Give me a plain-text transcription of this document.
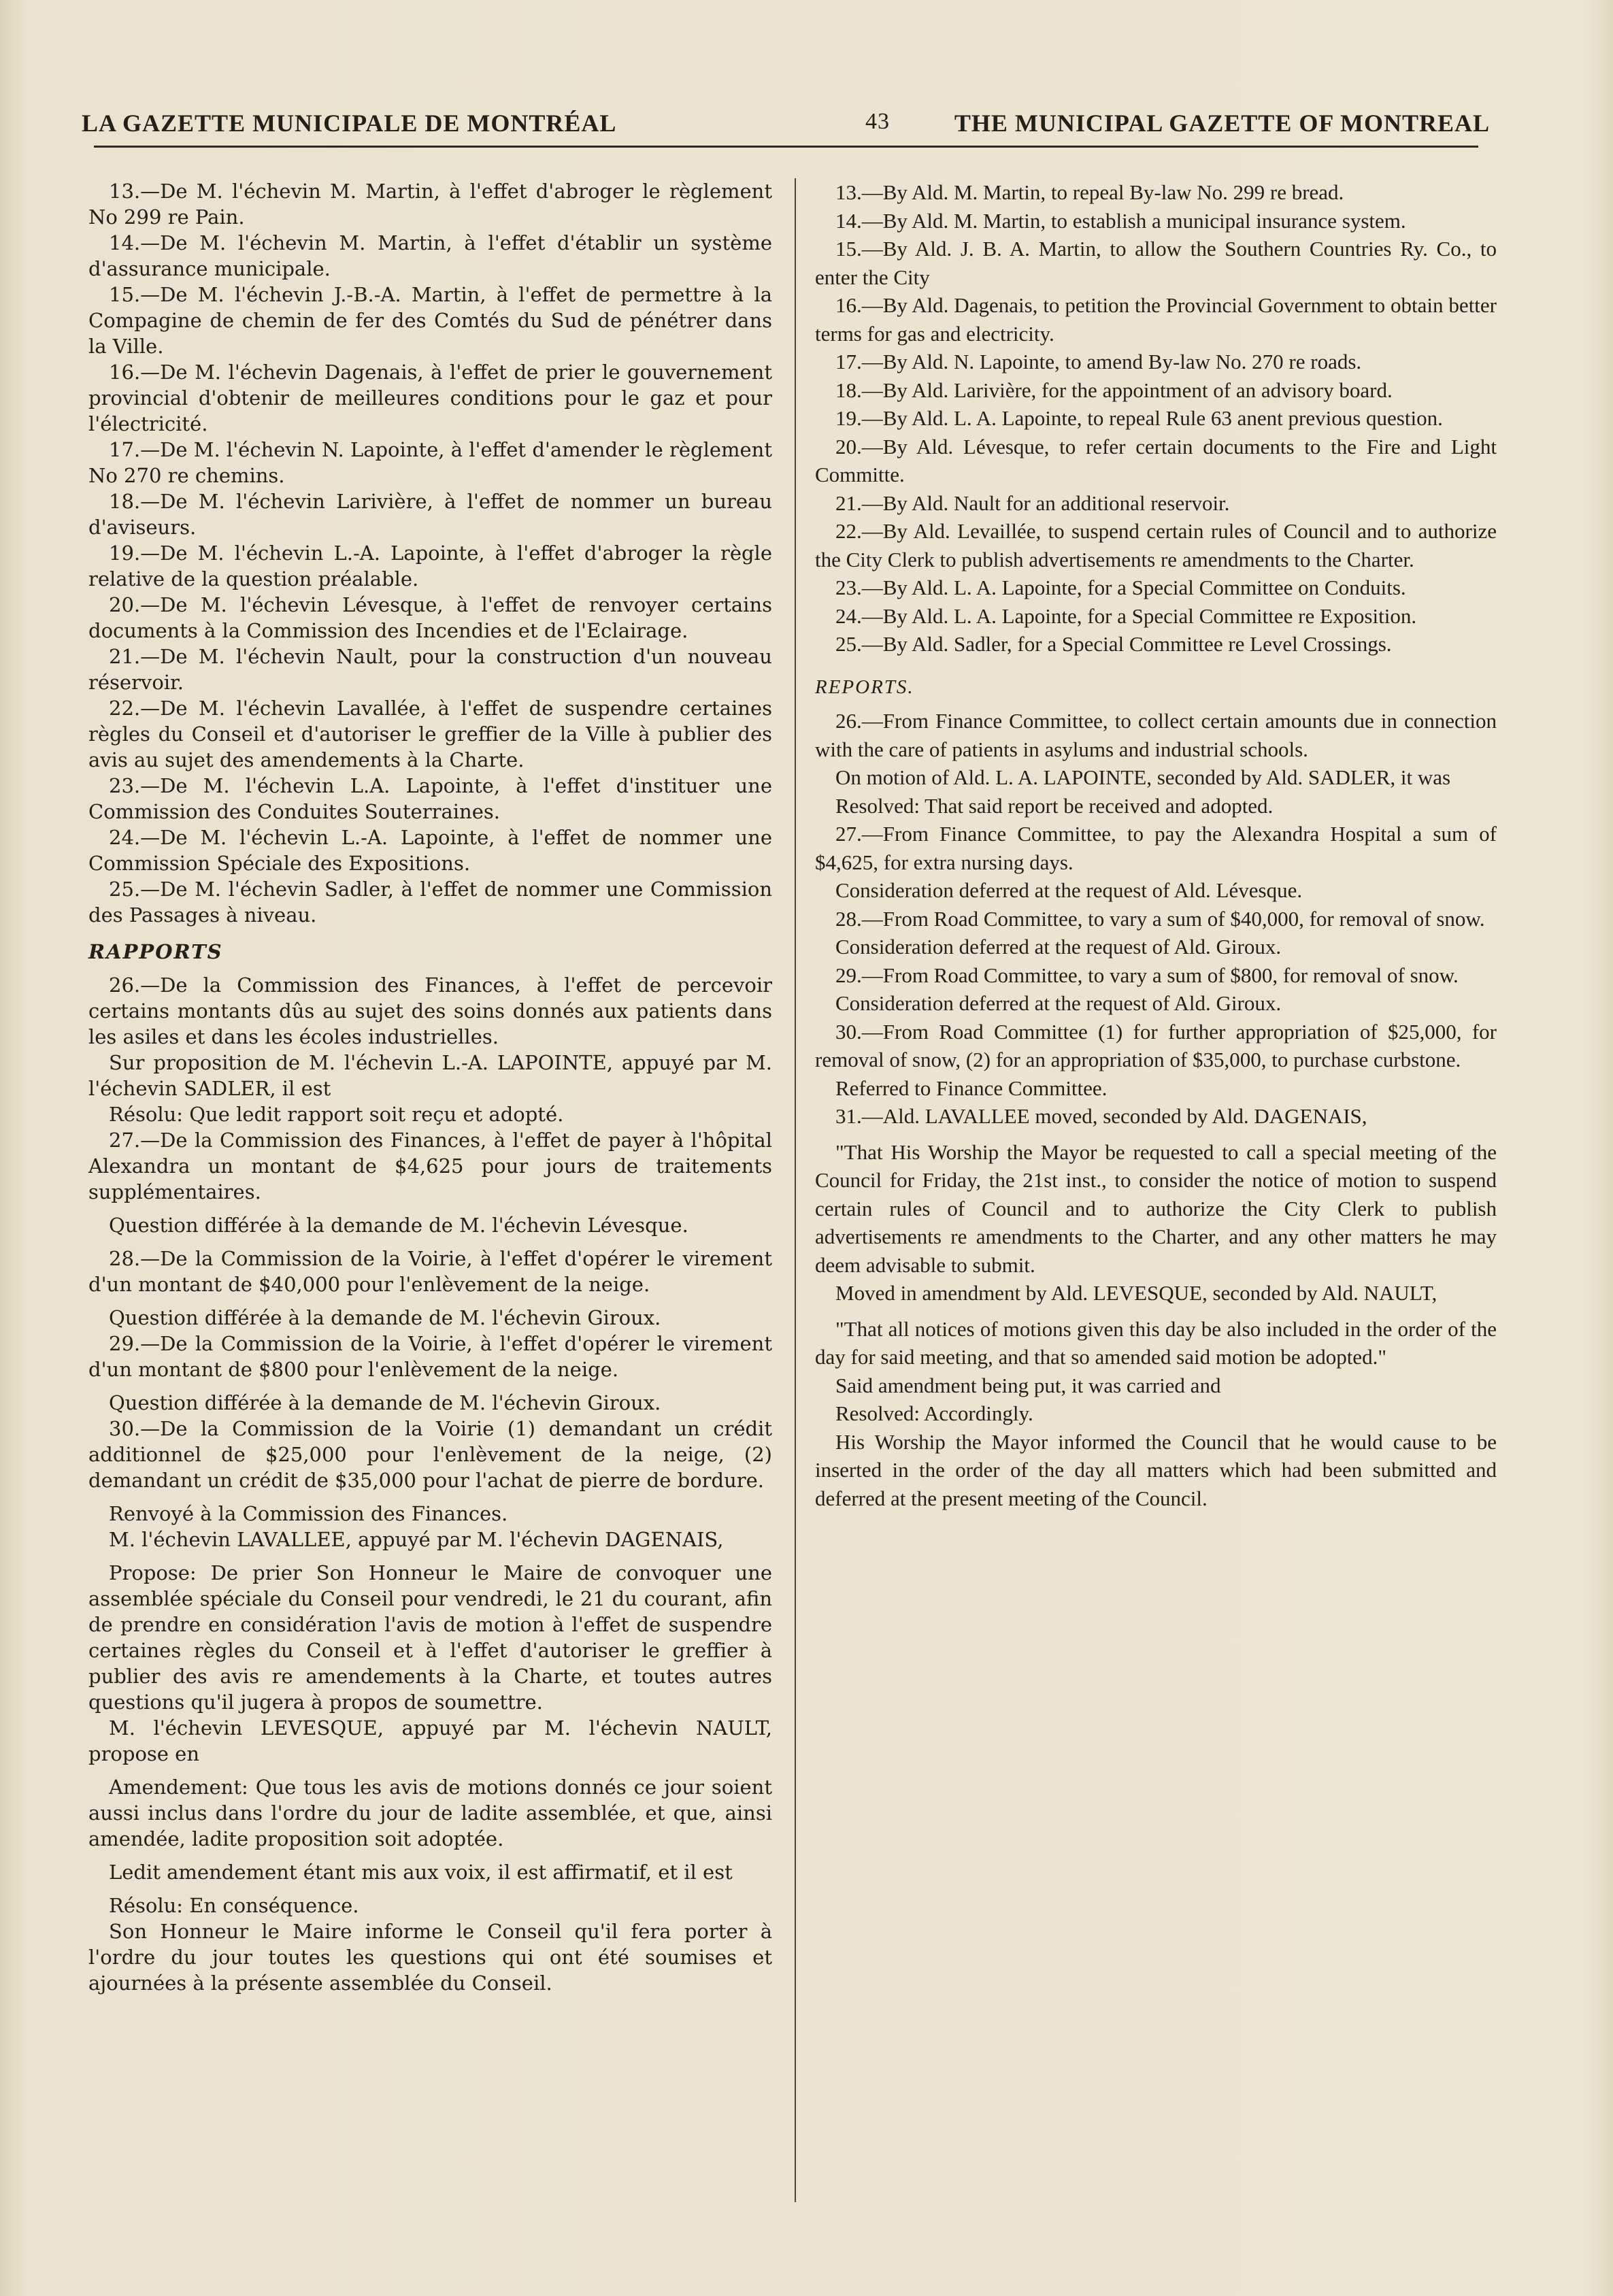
LA GAZETTE MUNICIPALE DE MONTRÉAL	43	THE MUNICIPAL GAZETTE OF MONTREAL

13.—De M. l'échevin M. Martin, à l'effet d'abroger le règlement No 299 re Pain.

14.—De M. l'échevin M. Martin, à l'effet d'établir un système d'assurance municipale.

15.—De M. l'échevin J.-B.-A. Martin, à l'effet de permettre à la Compagine de chemin de fer des Comtés du Sud de pénétrer dans la Ville.

16.—De M. l'échevin Dagenais, à l'effet de prier le gouvernement provincial d'obtenir de meilleures conditions pour le gaz et pour l'électricité.

17.—De M. l'échevin N. Lapointe, à l'effet d'amender le règlement No 270 re chemins.

18.—De M. l'échevin Larivière, à l'effet de nommer un bureau d'aviseurs.

19.—De M. l'échevin L.-A. Lapointe, à l'effet d'abroger la règle relative de la question préalable.

20.—De M. l'échevin Lévesque, à l'effet de renvoyer certains documents à la Commission des Incendies et de l'Eclairage.

21.—De M. l'échevin Nault, pour la construction d'un nouveau réservoir.

22.—De M. l'échevin Lavallée, à l'effet de suspendre certaines règles du Conseil et d'autoriser le greffier de la Ville à publier des avis au sujet des amendements à la Charte.

23.—De M. l'échevin L.A. Lapointe, à l'effet d'instituer une Commission des Conduites Souterraines.

24.—De M. l'échevin L.-A. Lapointe, à l'effet de nommer une Commission Spéciale des Expositions.

25.—De M. l'échevin Sadler, à l'effet de nommer une Commission des Passages à niveau.

RAPPORTS

26.—De la Commission des Finances, à l'effet de percevoir certains montants dûs au sujet des soins donnés aux patients dans les asiles et dans les écoles industrielles.

Sur proposition de M. l'échevin L.-A. LAPOINTE, appuyé par M. l'échevin SADLER, il est

Résolu: Que ledit rapport soit reçu et adopté.

27.—De la Commission des Finances, à l'effet de payer à l'hôpital Alexandra un montant de $4,625 pour jours de traitements supplémentaires.

Question différée à la demande de M. l'échevin Lévesque.

28.—De la Commission de la Voirie, à l'effet d'opérer le virement d'un montant de $40,000 pour l'enlèvement de la neige.

Question différée à la demande de M. l'échevin Giroux.

29.—De la Commission de la Voirie, à l'effet d'opérer le virement d'un montant de $800 pour l'enlèvement de la neige.

Question différée à la demande de M. l'échevin Giroux.

30.—De la Commission de la Voirie (1) demandant un crédit additionnel de $25,000 pour l'enlèvement de la neige, (2) demandant un crédit de $35,000 pour l'achat de pierre de bordure.

Renvoyé à la Commission des Finances.

M. l'échevin LAVALLEE, appuyé par M. l'échevin DAGENAIS,

Propose: De prier Son Honneur le Maire de convoquer une assemblée spéciale du Conseil pour vendredi, le 21 du courant, afin de prendre en considération l'avis de motion à l'effet de suspendre certaines règles du Conseil et à l'effet d'autoriser le greffier à publier des avis re amendements à la Charte, et toutes autres questions qu'il jugera à propos de soumettre.

M. l'échevin LEVESQUE, appuyé par M. l'échevin NAULT, propose en

Amendement: Que tous les avis de motions donnés ce jour soient aussi inclus dans l'ordre du jour de ladite assemblée, et que, ainsi amendée, ladite proposition soit adoptée.

Ledit amendement étant mis aux voix, il est affirmatif, et il est

Résolu: En conséquence.

Son Honneur le Maire informe le Conseil qu'il fera porter à l'ordre du jour toutes les questions qui ont été soumises et ajournées à la présente assemblée du Conseil.

13.—By Ald. M. Martin, to repeal By-law No. 299 re bread.

14.—By Ald. M. Martin, to establish a municipal insurance system.

15.—By Ald. J. B. A. Martin, to allow the Southern Countries Ry. Co., to enter the City

16.—By Ald. Dagenais, to petition the Provincial Government to obtain better terms for gas and electricity.

17.—By Ald. N. Lapointe, to amend By-law No. 270 re roads.

18.—By Ald. Larivière, for the appointment of an advisory board.

19.—By Ald. L. A. Lapointe, to repeal Rule 63 anent previous question.

20.—By Ald. Lévesque, to refer certain documents to the Fire and Light Committe.

21.—By Ald. Nault for an additional reservoir.

22.—By Ald. Levaillée, to suspend certain rules of Council and to authorize the City Clerk to publish advertisements re amendments to the Charter.

23.—By Ald. L. A. Lapointe, for a Special Committee on Conduits.

24.—By Ald. L. A. Lapointe, for a Special Committee re Exposition.

25.—By Ald. Sadler, for a Special Committee re Level Crossings.

REPORTS.

26.—From Finance Committee, to collect certain amounts due in connection with the care of patients in asylums and industrial schools.

On motion of Ald. L. A. LAPOINTE, seconded by Ald. SADLER, it was

Resolved: That said report be received and adopted.

27.—From Finance Committee, to pay the Alexandra Hospital a sum of $4,625, for extra nursing days.

Consideration deferred at the request of Ald. Lévesque.

28.—From Road Committee, to vary a sum of $40,000, for removal of snow.

Consideration deferred at the request of Ald. Giroux.

29.—From Road Committee, to vary a sum of $800, for removal of snow.

Consideration deferred at the request of Ald. Giroux.

30.—From Road Committee (1) for further appropriation of $25,000, for removal of snow, (2) for an appropriation of $35,000, to purchase curbstone.

Referred to Finance Committee.

31.—Ald. LAVALLEE moved, seconded by Ald. DAGENAIS,

"That His Worship the Mayor be requested to call a special meeting of the Council for Friday, the 21st inst., to consider the notice of motion to suspend certain rules of Council and to authorize the City Clerk to publish advertisements re amendments to the Charter, and any other matters he may deem advisable to submit.

Moved in amendment by Ald. LEVESQUE, seconded by Ald. NAULT,

"That all notices of motions given this day be also included in the order of the day for said meeting, and that so amended said motion be adopted."

Said amendment being put, it was carried and

Resolved: Accordingly.

His Worship the Mayor informed the Council that he would cause to be inserted in the order of the day all matters which had been submitted and deferred at the present meeting of the Council.
